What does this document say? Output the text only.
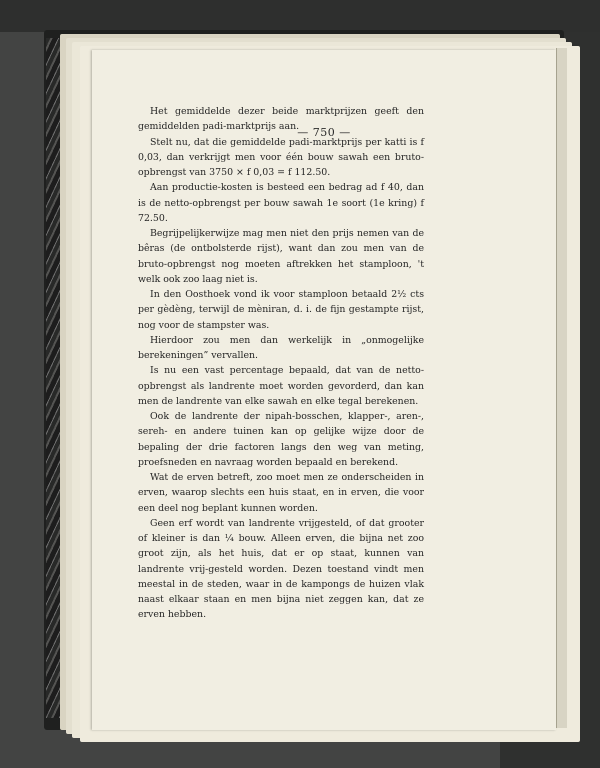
— 750 —

Het gemiddelde dezer beide marktprijzen geeft den gemiddelden padi-marktprijs aan.

Stelt nu, dat die gemiddelde padi-marktprijs per katti is f 0,03, dan verkrijgt men voor één bouw sawah een bruto-opbrengst van 3750 × f 0,03 = f 112.50.

Aan productie-kosten is besteed een bedrag ad f 40, dan is de netto-opbrengst per bouw sawah 1e soort (1e kring) f 72.50.

Begrijpelijkerwijze mag men niet den prijs nemen van de bêras (de ontbolsterde rijst), want dan zou men van de bruto-opbrengst nog moeten aftrekken het stamploon, 't welk ook zoo laag niet is.

In den Oosthoek vond ik voor stamploon betaald 2½ cts per gèdèng, terwijl de mèniran, d. i. de fijn gestampte rijst, nog voor de stampster was.

Hierdoor zou men dan werkelijk in „onmogelijke berekeningen” vervallen.

Is nu een vast percentage bepaald, dat van de netto-opbrengst als landrente moet worden gevorderd, dan kan men de landrente van elke sawah en elke tegal berekenen.

Ook de landrente der nipah-bosschen, klapper-, aren-, sereh- en andere tuinen kan op gelijke wijze door de bepaling der drie factoren langs den weg van meting, proefsneden en navraag worden bepaald en berekend.

Wat de erven betreft, zoo moet men ze onderscheiden in erven, waarop slechts een huis staat, en in erven, die voor een deel nog beplant kunnen worden.

Geen erf wordt van landrente vrijgesteld, of dat grooter of kleiner is dan ¼ bouw. Alleen erven, die bijna net zoo groot zijn, als het huis, dat er op staat, kunnen van landrente vrij-gesteld worden. Dezen toestand vindt men meestal in de steden, waar in de kampongs de huizen vlak naast elkaar staan en men bijna niet zeggen kan, dat ze erven hebben.
